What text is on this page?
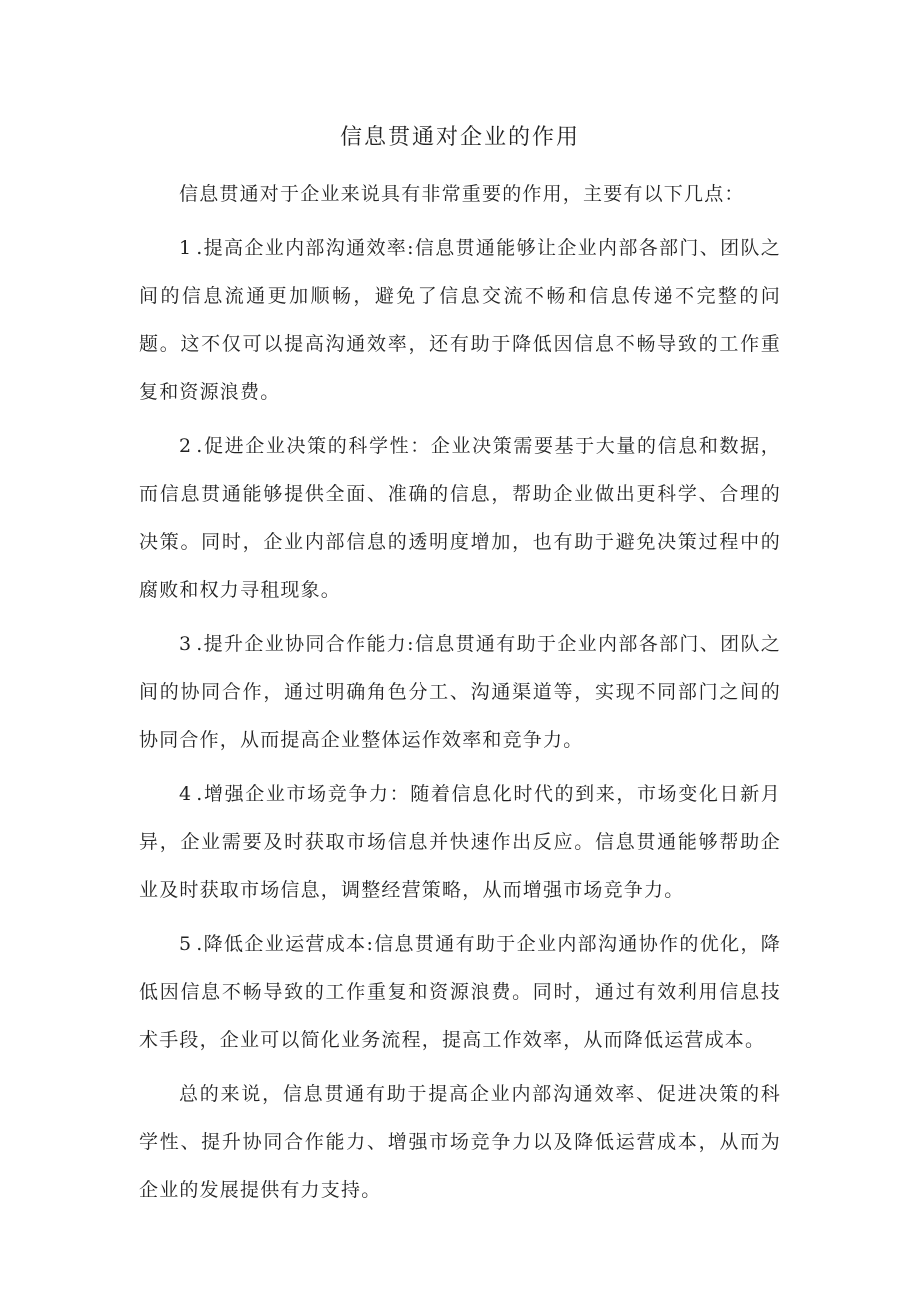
信息贯通对企业的作用

信息贯通对于企业来说具有非常重要的作用，主要有以下几点：

1 .提高企业内部沟通效率:信息贯通能够让企业内部各部门、团队之间的信息流通更加顺畅，避免了信息交流不畅和信息传递不完整的问题。这不仅可以提高沟通效率，还有助于降低因信息不畅导致的工作重复和资源浪费。

2 .促进企业决策的科学性：企业决策需要基于大量的信息和数据，而信息贯通能够提供全面、准确的信息，帮助企业做出更科学、合理的决策。同时，企业内部信息的透明度增加，也有助于避免决策过程中的腐败和权力寻租现象。

3 .提升企业协同合作能力:信息贯通有助于企业内部各部门、团队之间的协同合作，通过明确角色分工、沟通渠道等，实现不同部门之间的协同合作，从而提高企业整体运作效率和竞争力。

4 .增强企业市场竞争力：随着信息化时代的到来，市场变化日新月异，企业需要及时获取市场信息并快速作出反应。信息贯通能够帮助企业及时获取市场信息，调整经营策略，从而增强市场竞争力。

5 .降低企业运营成本:信息贯通有助于企业内部沟通协作的优化，降低因信息不畅导致的工作重复和资源浪费。同时，通过有效利用信息技术手段，企业可以简化业务流程，提高工作效率，从而降低运营成本。

总的来说，信息贯通有助于提高企业内部沟通效率、促进决策的科学性、提升协同合作能力、增强市场竞争力以及降低运营成本，从而为企业的发展提供有力支持。
